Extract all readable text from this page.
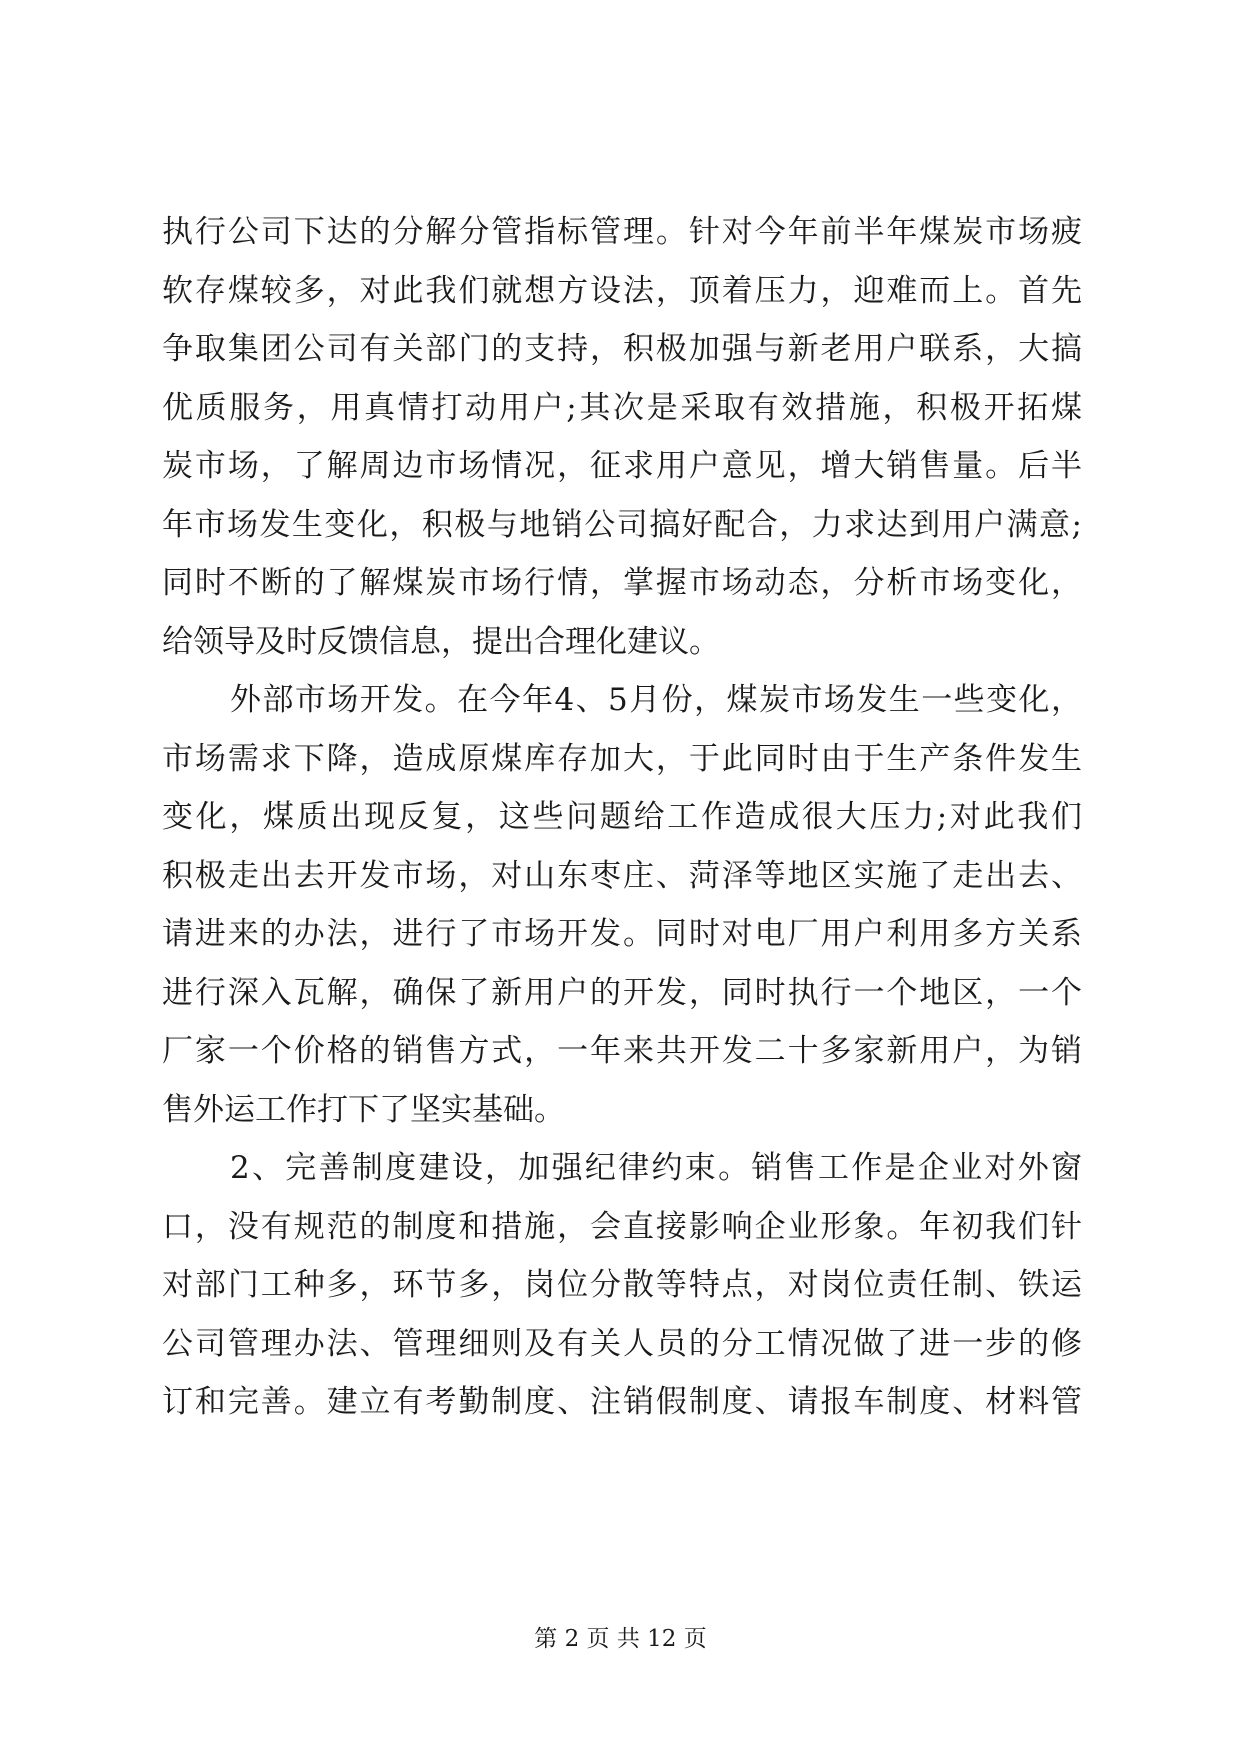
执行公司下达的分解分管指标管理。针对今年前半年煤炭市场疲
软存煤较多，对此我们就想方设法，顶着压力，迎难而上。首先
争取集团公司有关部门的支持，积极加强与新老用户联系，大搞
优质服务，用真情打动用户;其次是采取有效措施，积极开拓煤
炭市场，了解周边市场情况，征求用户意见，增大销售量。后半
年市场发生变化，积极与地销公司搞好配合，力求达到用户满意;
同时不断的了解煤炭市场行情，掌握市场动态，分析市场变化，
给领导及时反馈信息，提出合理化建议。
外部市场开发。在今年4、5月份，煤炭市场发生一些变化，
市场需求下降，造成原煤库存加大，于此同时由于生产条件发生
变化，煤质出现反复，这些问题给工作造成很大压力;对此我们
积极走出去开发市场，对山东枣庄、菏泽等地区实施了走出去、
请进来的办法，进行了市场开发。同时对电厂用户利用多方关系
进行深入瓦解，确保了新用户的开发，同时执行一个地区，一个
厂家一个价格的销售方式，一年来共开发二十多家新用户，为销
售外运工作打下了坚实基础。
2、完善制度建设，加强纪律约束。销售工作是企业对外窗
口，没有规范的制度和措施，会直接影响企业形象。年初我们针
对部门工种多，环节多，岗位分散等特点，对岗位责任制、铁运
公司管理办法、管理细则及有关人员的分工情况做了进一步的修
订和完善。建立有考勤制度、注销假制度、请报车制度、材料管
第 2 页 共 12 页
